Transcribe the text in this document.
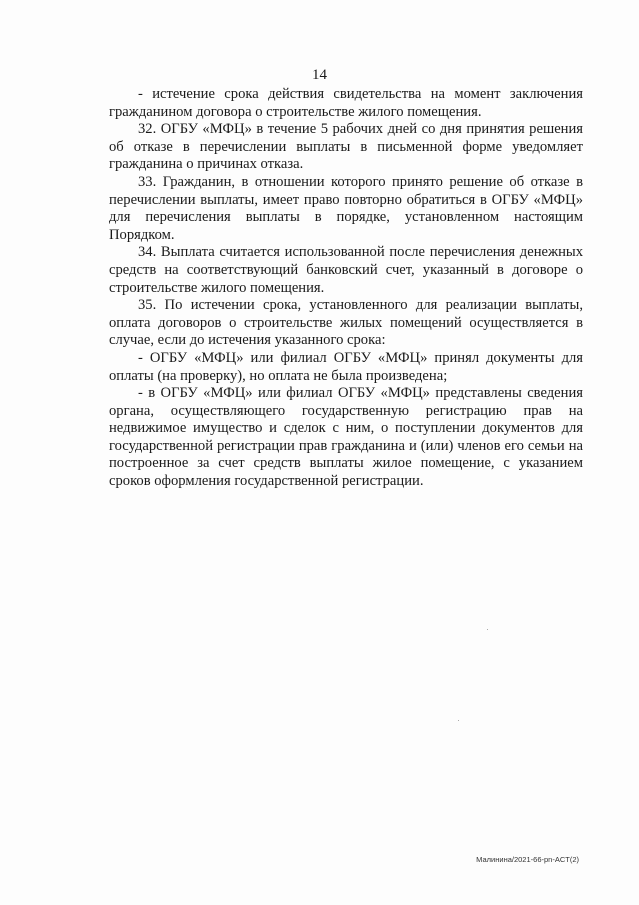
14

- истечение срока действия свидетельства на момент заключения гражданином договора о строительстве жилого помещения.

32. ОГБУ «МФЦ» в течение 5 рабочих дней со дня принятия решения об отказе в перечислении выплаты в письменной форме уведомляет гражданина о причинах отказа.

33. Гражданин, в отношении которого принято решение об отказе в перечислении выплаты, имеет право повторно обратиться в ОГБУ «МФЦ» для перечисления выплаты в порядке, установленном настоящим Порядком.

34. Выплата считается использованной после перечисления денежных средств на соответствующий банковский счет, указанный в договоре о строительстве жилого помещения.

35. По истечении срока, установленного для реализации выплаты, оплата договоров о строительстве жилых помещений осуществляется в случае, если до истечения указанного срока:

- ОГБУ «МФЦ» или филиал ОГБУ «МФЦ» принял документы для оплаты (на проверку), но оплата не была произведена;

- в ОГБУ «МФЦ» или филиал ОГБУ «МФЦ» представлены сведения органа, осуществляющего государственную регистрацию прав на недвижимое имущество и сделок с ним, о поступлении документов для государственной регистрации прав гражданина и (или) членов его семьи на построенное за счет средств выплаты жилое помещение, с указанием сроков оформления государственной регистрации.

Малинина/2021-66-pn-ACT(2)
